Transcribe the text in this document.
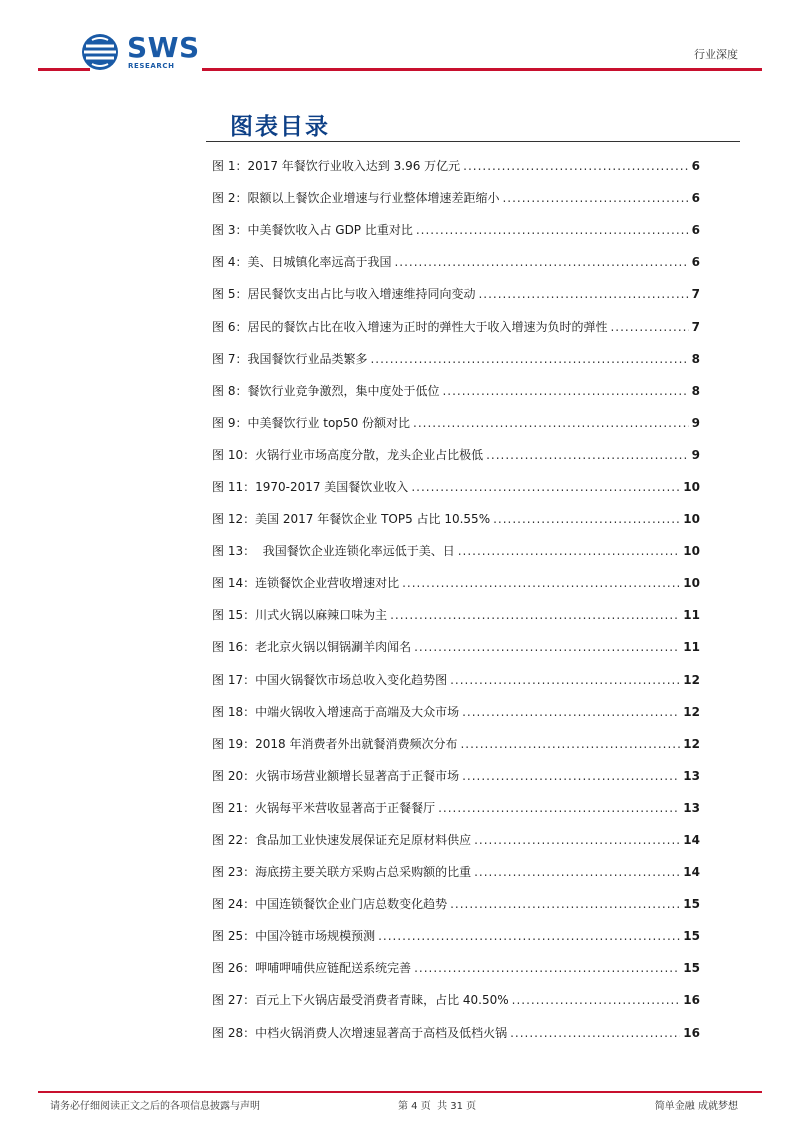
SWS
RESEARCH
行业深度
图表目录
图 1：2017 年餐饮行业收入达到 3.96 万亿元 .....	6
图 2：限额以上餐饮企业增速与行业整体增速差距缩小 .....	6
图 3：中美餐饮收入占 GDP 比重对比 .....	6
图 4：美、日城镇化率远高于我国 .....	6
图 5：居民餐饮支出占比与收入增速维持同向变动 .....	7
图 6：居民的餐饮占比在收入增速为正时的弹性大于收入增速为负时的弹性 .....	7
图 7：我国餐饮行业品类繁多 .....	8
图 8：餐饮行业竞争激烈，集中度处于低位 .....	8
图 9：中美餐饮行业 top50 份额对比 .....	9
图 10：火锅行业市场高度分散，龙头企业占比极低 .....	9
图 11：1970-2017 美国餐饮业收入 .....	10
图 12：美国 2017 年餐饮企业 TOP5 占比 10.55% .....	10
图 13：  我国餐饮企业连锁化率远低于美、日 .....	10
图 14：连锁餐饮企业营收增速对比 .....	10
图 15：川式火锅以麻辣口味为主 .....	11
图 16：老北京火锅以铜锅涮羊肉闻名 .....	11
图 17：中国火锅餐饮市场总收入变化趋势图 .....	12
图 18：中端火锅收入增速高于高端及大众市场 .....	12
图 19：2018 年消费者外出就餐消费频次分布 .....	12
图 20：火锅市场营业额增长显著高于正餐市场 .....	13
图 21：火锅每平米营收显著高于正餐餐厅 .....	13
图 22：食品加工业快速发展保证充足原材料供应 .....	14
图 23：海底捞主要关联方采购占总采购额的比重 .....	14
图 24：中国连锁餐饮企业门店总数变化趋势 .....	15
图 25：中国冷链市场规模预测 .....	15
图 26：呷哺呷哺供应链配送系统完善 .....	15
图 27：百元上下火锅店最受消费者青睐，占比 40.50% .....	16
图 28：中档火锅消费人次增速显著高于高档及低档火锅 .....	16
请务必仔细阅读正文之后的各项信息披露与声明	第 4 页  共 31 页	简单金融 成就梦想
